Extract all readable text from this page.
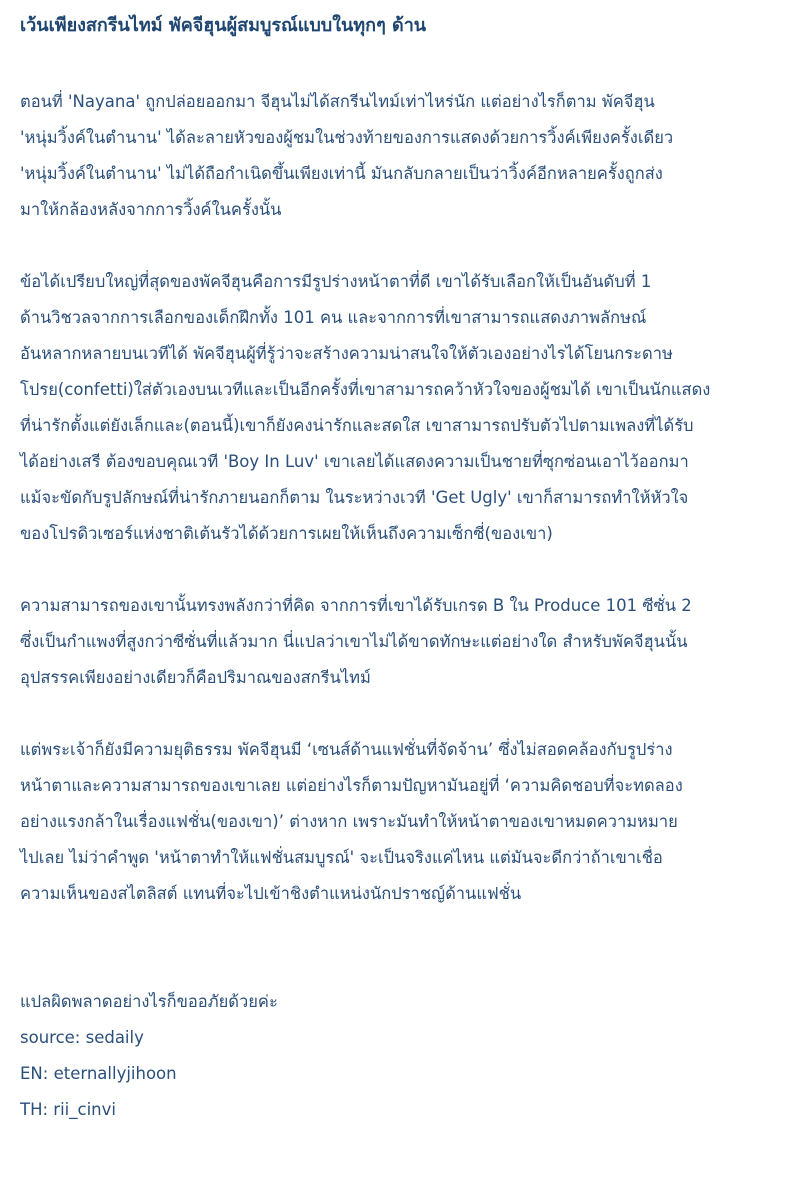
เว้นเพียงสกรีนไทม์ พัคจีฮุนผู้สมบูรณ์แบบในทุกๆ ด้าน
ตอนที่ 'Nayana' ถูกปล่อยออกมา จีฮุนไม่ได้สกรีนไทม์เท่าไหร่นัก แต่อย่างไรก็ตาม พัคจีฮุน
'หนุ่มวิ้งค์ในตำนาน' ได้ละลายหัวของผู้ชมในช่วงท้ายของการแสดงด้วยการวิ้งค์เพียงครั้งเดียว
'หนุ่มวิ้งค์ในตำนาน' ไม่ได้ถือกำเนิดขึ้นเพียงเท่านี้ มันกลับกลายเป็นว่าวิ้งค์อีกหลายครั้งถูกส่ง
มาให้กล้องหลังจากการวิ้งค์ในครั้งนั้น
ข้อได้เปรียบใหญ่ที่สุดของพัคจีฮุนคือการมีรูปร่างหน้าตาที่ดี เขาได้รับเลือกให้เป็นอันดับที่ 1
ด้านวิชวลจากการเลือกของเด็กฝึกทั้ง 101 คน และจากการที่เขาสามารถแสดงภาพลักษณ์
อันหลากหลายบนเวทีได้ พัคจีฮุนผู้ที่รู้ว่าจะสร้างความน่าสนใจให้ตัวเองอย่างไรได้โยนกระดาษ
โปรย(confetti)ใส่ตัวเองบนเวทีและเป็นอีกครั้งที่เขาสามารถคว้าหัวใจของผู้ชมได้ เขาเป็นนักแสดง
ที่น่ารักตั้งแต่ยังเล็กและ(ตอนนี้)เขาก็ยังคงน่ารักและสดใส เขาสามารถปรับตัวไปตามเพลงที่ได้รับ
ได้อย่างเสรี ต้องขอบคุณเวที 'Boy In Luv' เขาเลยได้แสดงความเป็นชายที่ซุกซ่อนเอาไว้ออกมา
แม้จะขัดกับรูปลักษณ์ที่น่ารักภายนอกก็ตาม ในระหว่างเวที 'Get Ugly' เขาก็สามารถทำให้หัวใจ
ของโปรดิวเซอร์แห่งชาติเต้นรัวได้ด้วยการเผยให้เห็นถึงความเซ็กซี่(ของเขา)
ความสามารถของเขานั้นทรงพลังกว่าที่คิด จากการที่เขาได้รับเกรด B ใน Produce 101 ซีซั่น 2
ซึ่งเป็นกำแพงที่สูงกว่าซีซั่นที่แล้วมาก นี่แปลว่าเขาไม่ได้ขาดทักษะแต่อย่างใด สำหรับพัคจีฮุนนั้น
อุปสรรคเพียงอย่างเดียวก็คือปริมาณของสกรีนไทม์
แต่พระเจ้าก็ยังมีความยุติธรรม พัคจีฮุนมี ‘เซนส์ด้านแฟชั่นที่จัดจ้าน’ ซึ่งไม่สอดคล้องกับรูปร่าง
หน้าตาและความสามารถของเขาเลย แต่อย่างไรก็ตามปัญหามันอยู่ที่ ‘ความคิดชอบที่จะทดลอง
อย่างแรงกล้าในเรื่องแฟชั่น(ของเขา)’ ต่างหาก เพราะมันทำให้หน้าตาของเขาหมดความหมาย
ไปเลย ไม่ว่าคำพูด 'หน้าตาทำให้แฟชั่นสมบูรณ์' จะเป็นจริงแค่ไหน แต่มันจะดีกว่าถ้าเขาเชื่อ
ความเห็นของสไตลิสต์ แทนที่จะไปเข้าชิงตำแหน่งนักปราชญ์ด้านแฟชั่น
แปลผิดพลาดอย่างไรก็ขออภัยด้วยค่ะ
source: sedaily
EN: eternallyjihoon
TH: rii_cinvi
